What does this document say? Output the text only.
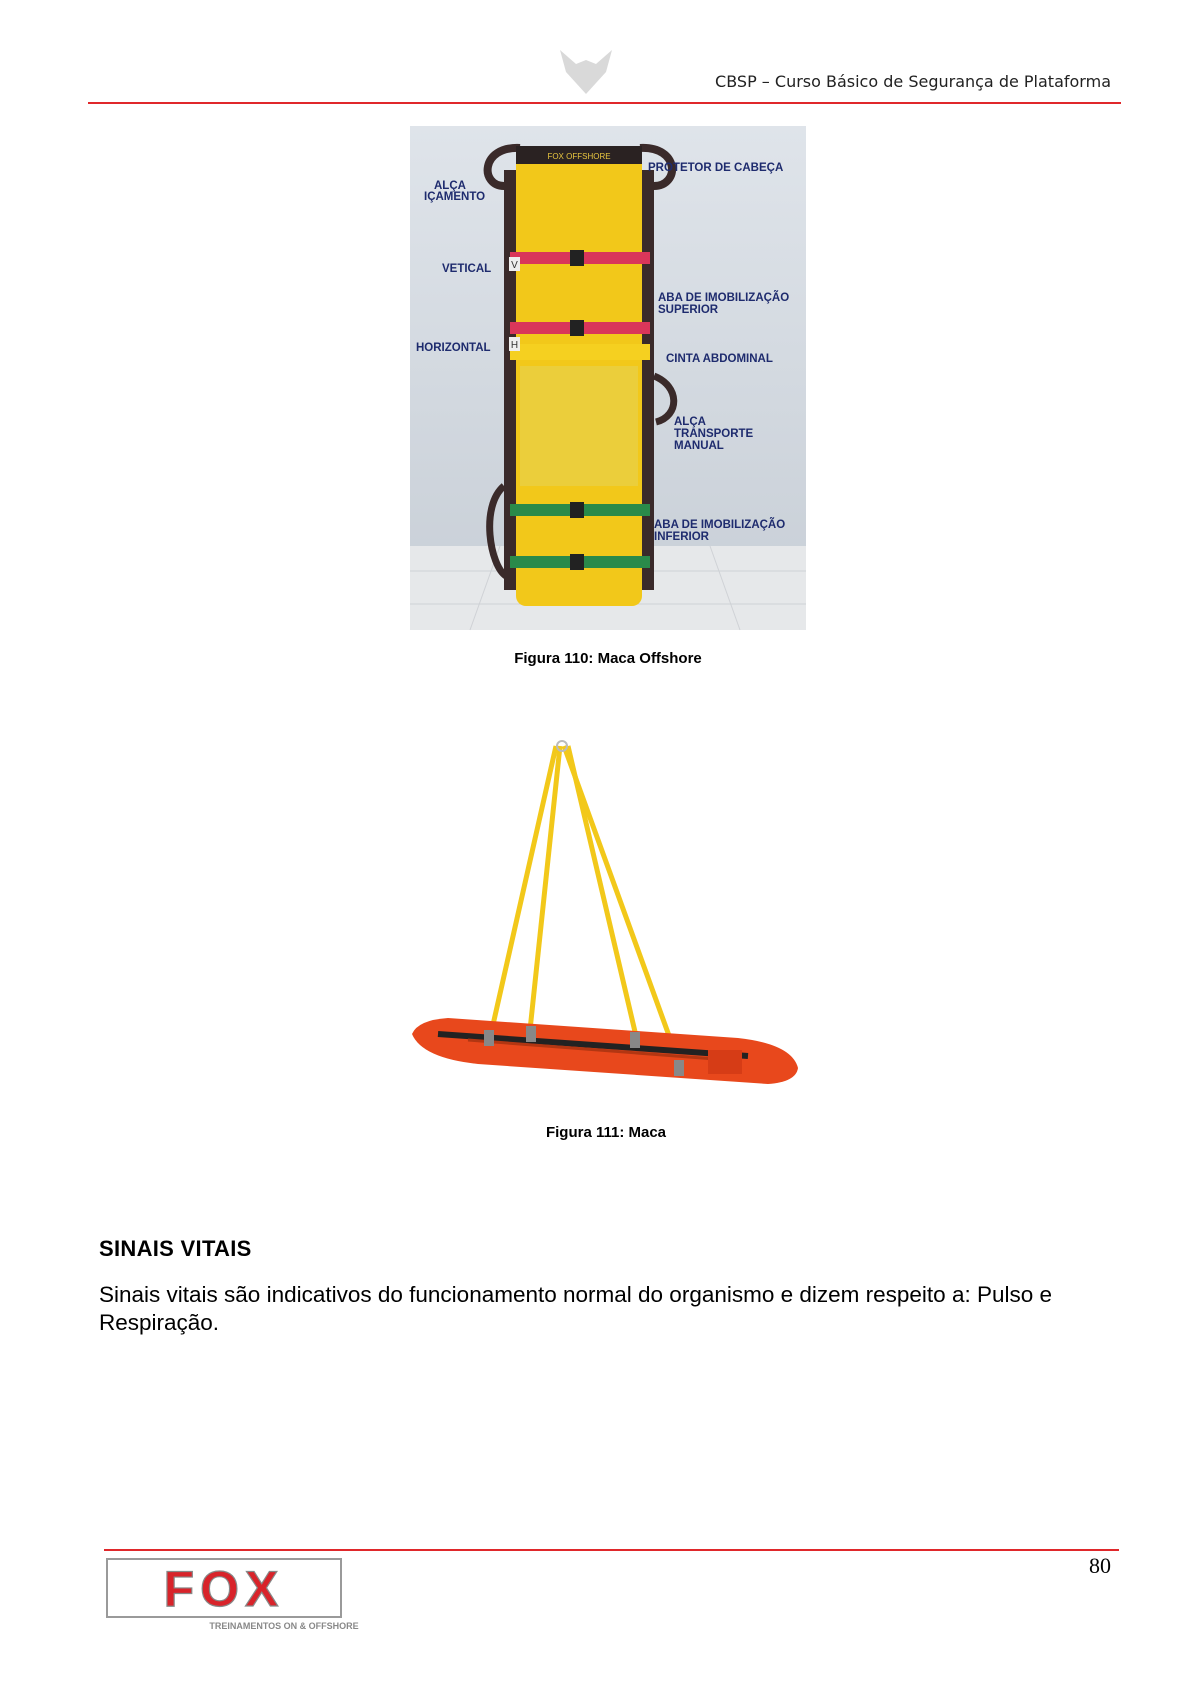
CBSP – Curso Básico de Segurança de Plataforma
FOX OFFSHORE
V
H
ALÇA
IÇAMENTO
PROTETOR DE CABEÇA
VETICAL
ABA DE IMOBILIZAÇÃO
SUPERIOR
HORIZONTAL
CINTA ABDOMINAL
ALÇA
TRANSPORTE
MANUAL
ABA DE IMOBILIZAÇÃO
INFERIOR
Figura 110: Maca Offshore
Figura 111: Maca
SINAIS VITAIS
Sinais vitais são indicativos do funcionamento normal do organismo e dizem respeito a: Pulso e Respiração.
80
FOX
TREINAMENTOS ON & OFFSHORE
